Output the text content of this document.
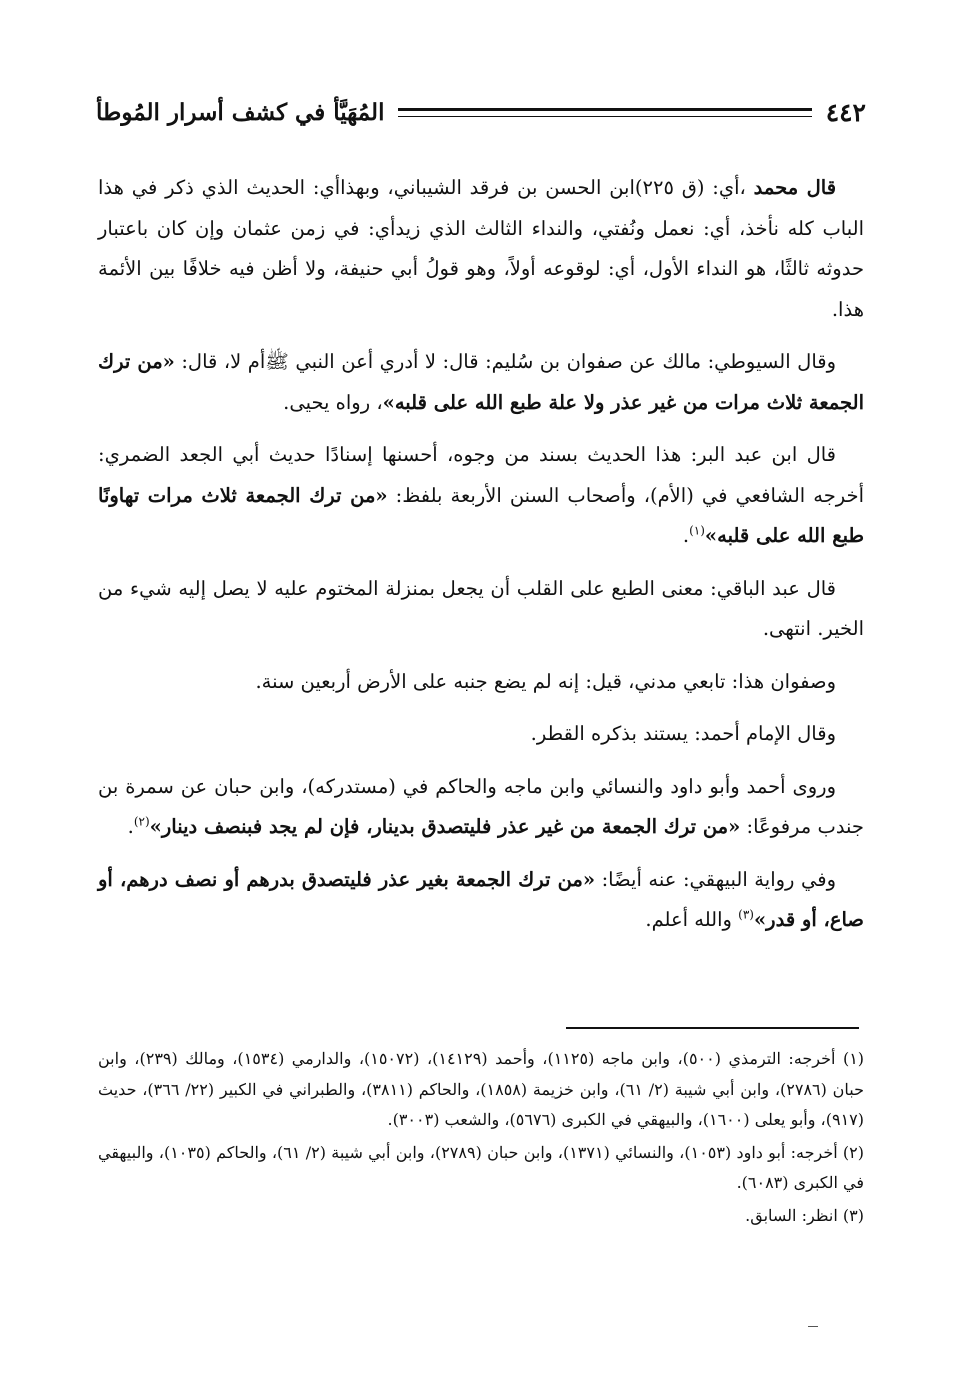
٤٤٢
المُهَيَّأ في كشف أسرار المُوطأ

قال محمد ،أي: (ق ٢٢٥)ابن الحسن بن فرقد الشيباني، وبهذاأي: الحديث الذي ذكر في هذا الباب كله نأخذ، أي: نعمل ونُفتي، والنداء الثالث الذي زيدأي: في زمن عثمان وإن كان باعتبار حدوثه ثالثًا، هو النداء الأول، أي: لوقوعه أولاً، وهو قولُ أبي حنيفة، ولا أظن فيه خلافًا بين الأئمة هذا.

وقال السيوطي: مالك عن صفوان بن سُليم: قال: لا أدري أعن النبي ﷺأم لا، قال: «من ترك الجمعة ثلاث مرات من غير عذر ولا علة طبع الله على قلبه»، رواه يحيى.

قال ابن عبد البر: هذا الحديث بسند من وجوه، أحسنها إسنادًا حديث أبي الجعد الضمري: أخرجه الشافعي في (الأم)، وأصحاب السنن الأربعة بلفظ: «من ترك الجمعة ثلاث مرات تهاونًا طبع الله على قلبه»$^{(١)}$.

قال عبد الباقي: معنى الطبع على القلب أن يجعل بمنزلة المختوم عليه لا يصل إليه شيء من الخير. انتهى.

وصفوان هذا: تابعي مدني، قيل: إنه لم يضع جنبه على الأرض أربعين سنة.

وقال الإمام أحمد: يستند بذكره القطر.

وروى أحمد وأبو داود والنسائي وابن ماجه والحاكم في (مستدركه)، وابن حبان عن سمرة بن جندب مرفوعًا: «من ترك الجمعة من غير عذر فليتصدق بدينار، فإن لم يجد فبنصف دينار»$^{(٢)}$.

وفي رواية البيهقي: عنه أيضًا: «من ترك الجمعة بغير عذر فليتصدق بدرهم أو نصف درهم، أو صاع، أو قدر»$^{(٣)}$ والله أعلم.

(١) أخرجه: الترمذي (٥٠٠)، وابن ماجه (١١٢٥)، وأحمد (١٤١٢٩)، (١٥٠٧٢)، والدارمي (١٥٣٤)، ومالك (٢٣٩)، وابن حبان (٢٧٨٦)، وابن أبي شيبة (٢/ ٦١)، وابن خزيمة (١٨٥٨)، والحاكم (٣٨١١)، والطبراني في الكبير (٢٢/ ٣٦٦)، حديث (٩١٧)، وأبو يعلى (١٦٠٠)، والبيهقي في الكبرى (٥٦٧٦)، والشعب (٣٠٠٣).

(٢) أخرجه: أبو داود (١٠٥٣)، والنسائي (١٣٧١)، وابن حبان (٢٧٨٩)، وابن أبي شيبة (٢/ ٦١)، والحاكم (١٠٣٥)، والبيهقي في الكبرى (٦٠٨٣).

(٣) انظر: السابق.
